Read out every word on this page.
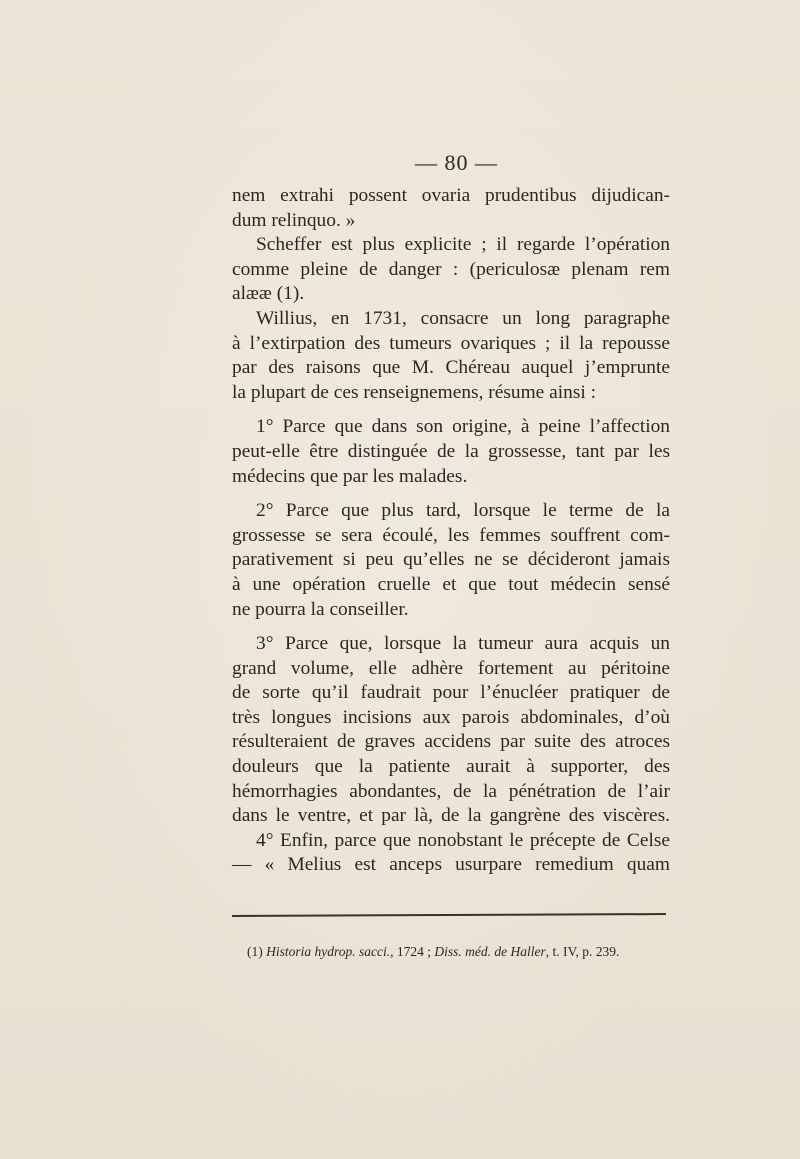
— 80 —
nem extrahi possent ovaria prudentibus dijudican-
dum relinquo. »
Scheffer est plus explicite ; il regarde l’opération
comme pleine de danger : (periculosæ plenam rem
alææ (1).
Willius, en 1731, consacre un long paragraphe
à l’extirpation des tumeurs ovariques ; il la repousse
par des raisons que M. Chéreau auquel j’emprunte
la plupart de ces renseignemens, résume ainsi :
1° Parce que dans son origine, à peine l’affection
peut-elle être distinguée de la grossesse, tant par les
médecins que par les malades.
2° Parce que plus tard, lorsque le terme de la
grossesse se sera écoulé, les femmes souffrent com-
parativement si peu qu’elles ne se décideront jamais
à une opération cruelle et que tout médecin sensé
ne pourra la conseiller.
3° Parce que, lorsque la tumeur aura acquis un
grand volume, elle adhère fortement au péritoine
de sorte qu’il faudrait pour l’énucléer pratiquer de
très longues incisions aux parois abdominales, d’où
résulteraient de graves accidens par suite des atroces
douleurs que la patiente aurait à supporter, des
hémorrhagies abondantes, de la pénétration de l’air
dans le ventre, et par là, de la gangrène des viscères.
4° Enfin, parce que nonobstant le précepte de Celse
— « Melius est anceps usurpare remedium quam
(1) Historia hydrop. sacci., 1724 ; Diss. méd. de Haller, t. IV, p. 239.
